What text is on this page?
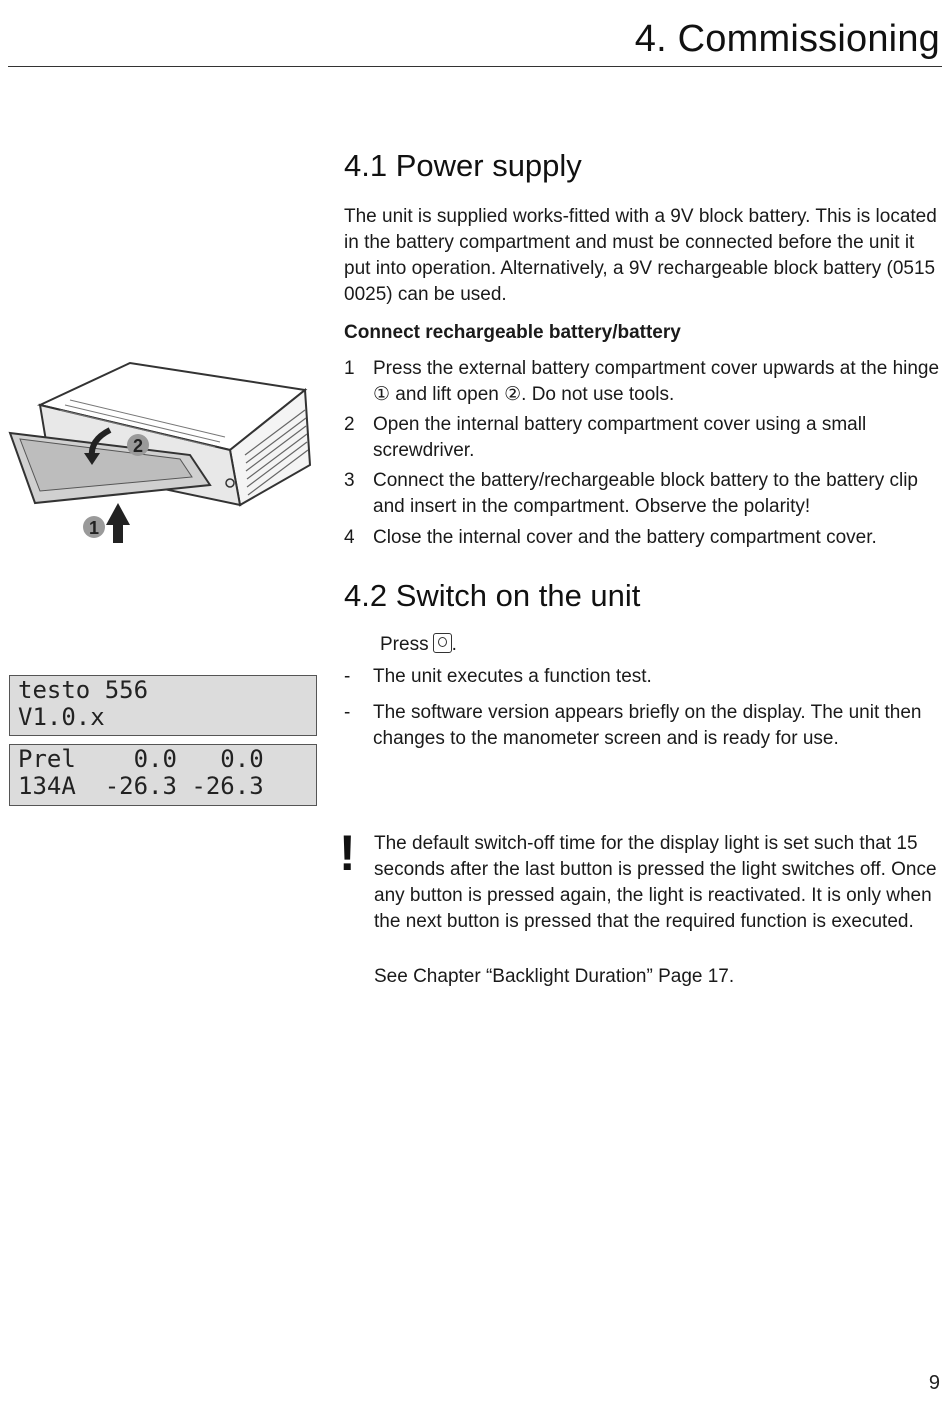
4. Commissioning
4.1 Power supply

The unit is supplied works-fitted with a 9V block battery. This is located in the battery compartment and must be connected before the unit it put into operation. Alternatively, a 9V rechargeable block battery (0515 0025) can be used.

Connect rechargeable battery/battery
1 Press the external battery compartment cover upwards at the hinge ① and lift open ②. Do not use tools.
2 Open the internal battery compartment cover using a small screwdriver.
3 Connect the battery/rechargeable block battery to the battery clip and insert in the compartment. Observe the polarity!
4 Close the internal cover and the battery compartment cover.
1
2
4.2 Switch on the unit
Press .
- The unit executes a function test.
- The software version appears briefly on the display. The unit then changes to the manometer screen and is ready for use.
testo 556
V1.0.x
Prel    0.0   0.0
134A  -26.3 -26.3
! The default switch-off time for the display light is set such that 15 seconds after the last button is pressed the light switches off. Once any button is pressed again, the light is reactivated. It is only when the next button is pressed that the required function is executed.

See Chapter “Backlight Duration” Page 17.

9
